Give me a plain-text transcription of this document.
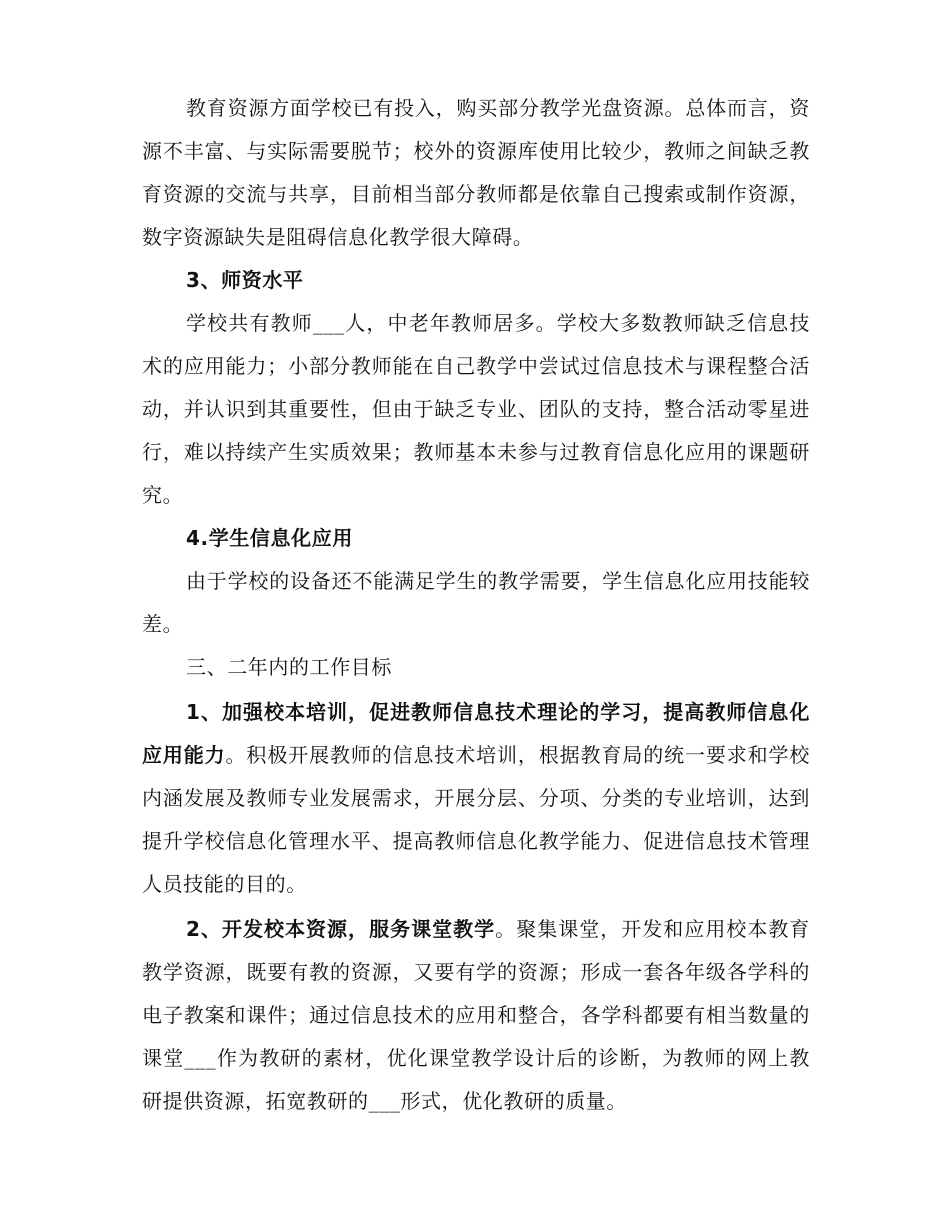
教育资源方面学校已有投入，购买部分教学光盘资源。总体而言，资源不丰富、与实际需要脱节；校外的资源库使用比较少，教师之间缺乏教育资源的交流与共享，目前相当部分教师都是依靠自己搜索或制作资源，数字资源缺失是阻碍信息化教学很大障碍。

3、师资水平

学校共有教师___人，中老年教师居多。学校大多数教师缺乏信息技术的应用能力；小部分教师能在自己教学中尝试过信息技术与课程整合活动，并认识到其重要性，但由于缺乏专业、团队的支持，整合活动零星进行，难以持续产生实质效果；教师基本未参与过教育信息化应用的课题研究。

4.学生信息化应用

由于学校的设备还不能满足学生的教学需要，学生信息化应用技能较差。

三、二年内的工作目标

1、加强校本培训，促进教师信息技术理论的学习，提高教师信息化应用能力。积极开展教师的信息技术培训，根据教育局的统一要求和学校内涵发展及教师专业发展需求，开展分层、分项、分类的专业培训，达到提升学校信息化管理水平、提高教师信息化教学能力、促进信息技术管理人员技能的目的。

2、开发校本资源，服务课堂教学。聚集课堂，开发和应用校本教育教学资源，既要有教的资源，又要有学的资源；形成一套各年级各学科的电子教案和课件；通过信息技术的应用和整合，各学科都要有相当数量的课堂___作为教研的素材，优化课堂教学设计后的诊断，为教师的网上教研提供资源，拓宽教研的___形式，优化教研的质量。
